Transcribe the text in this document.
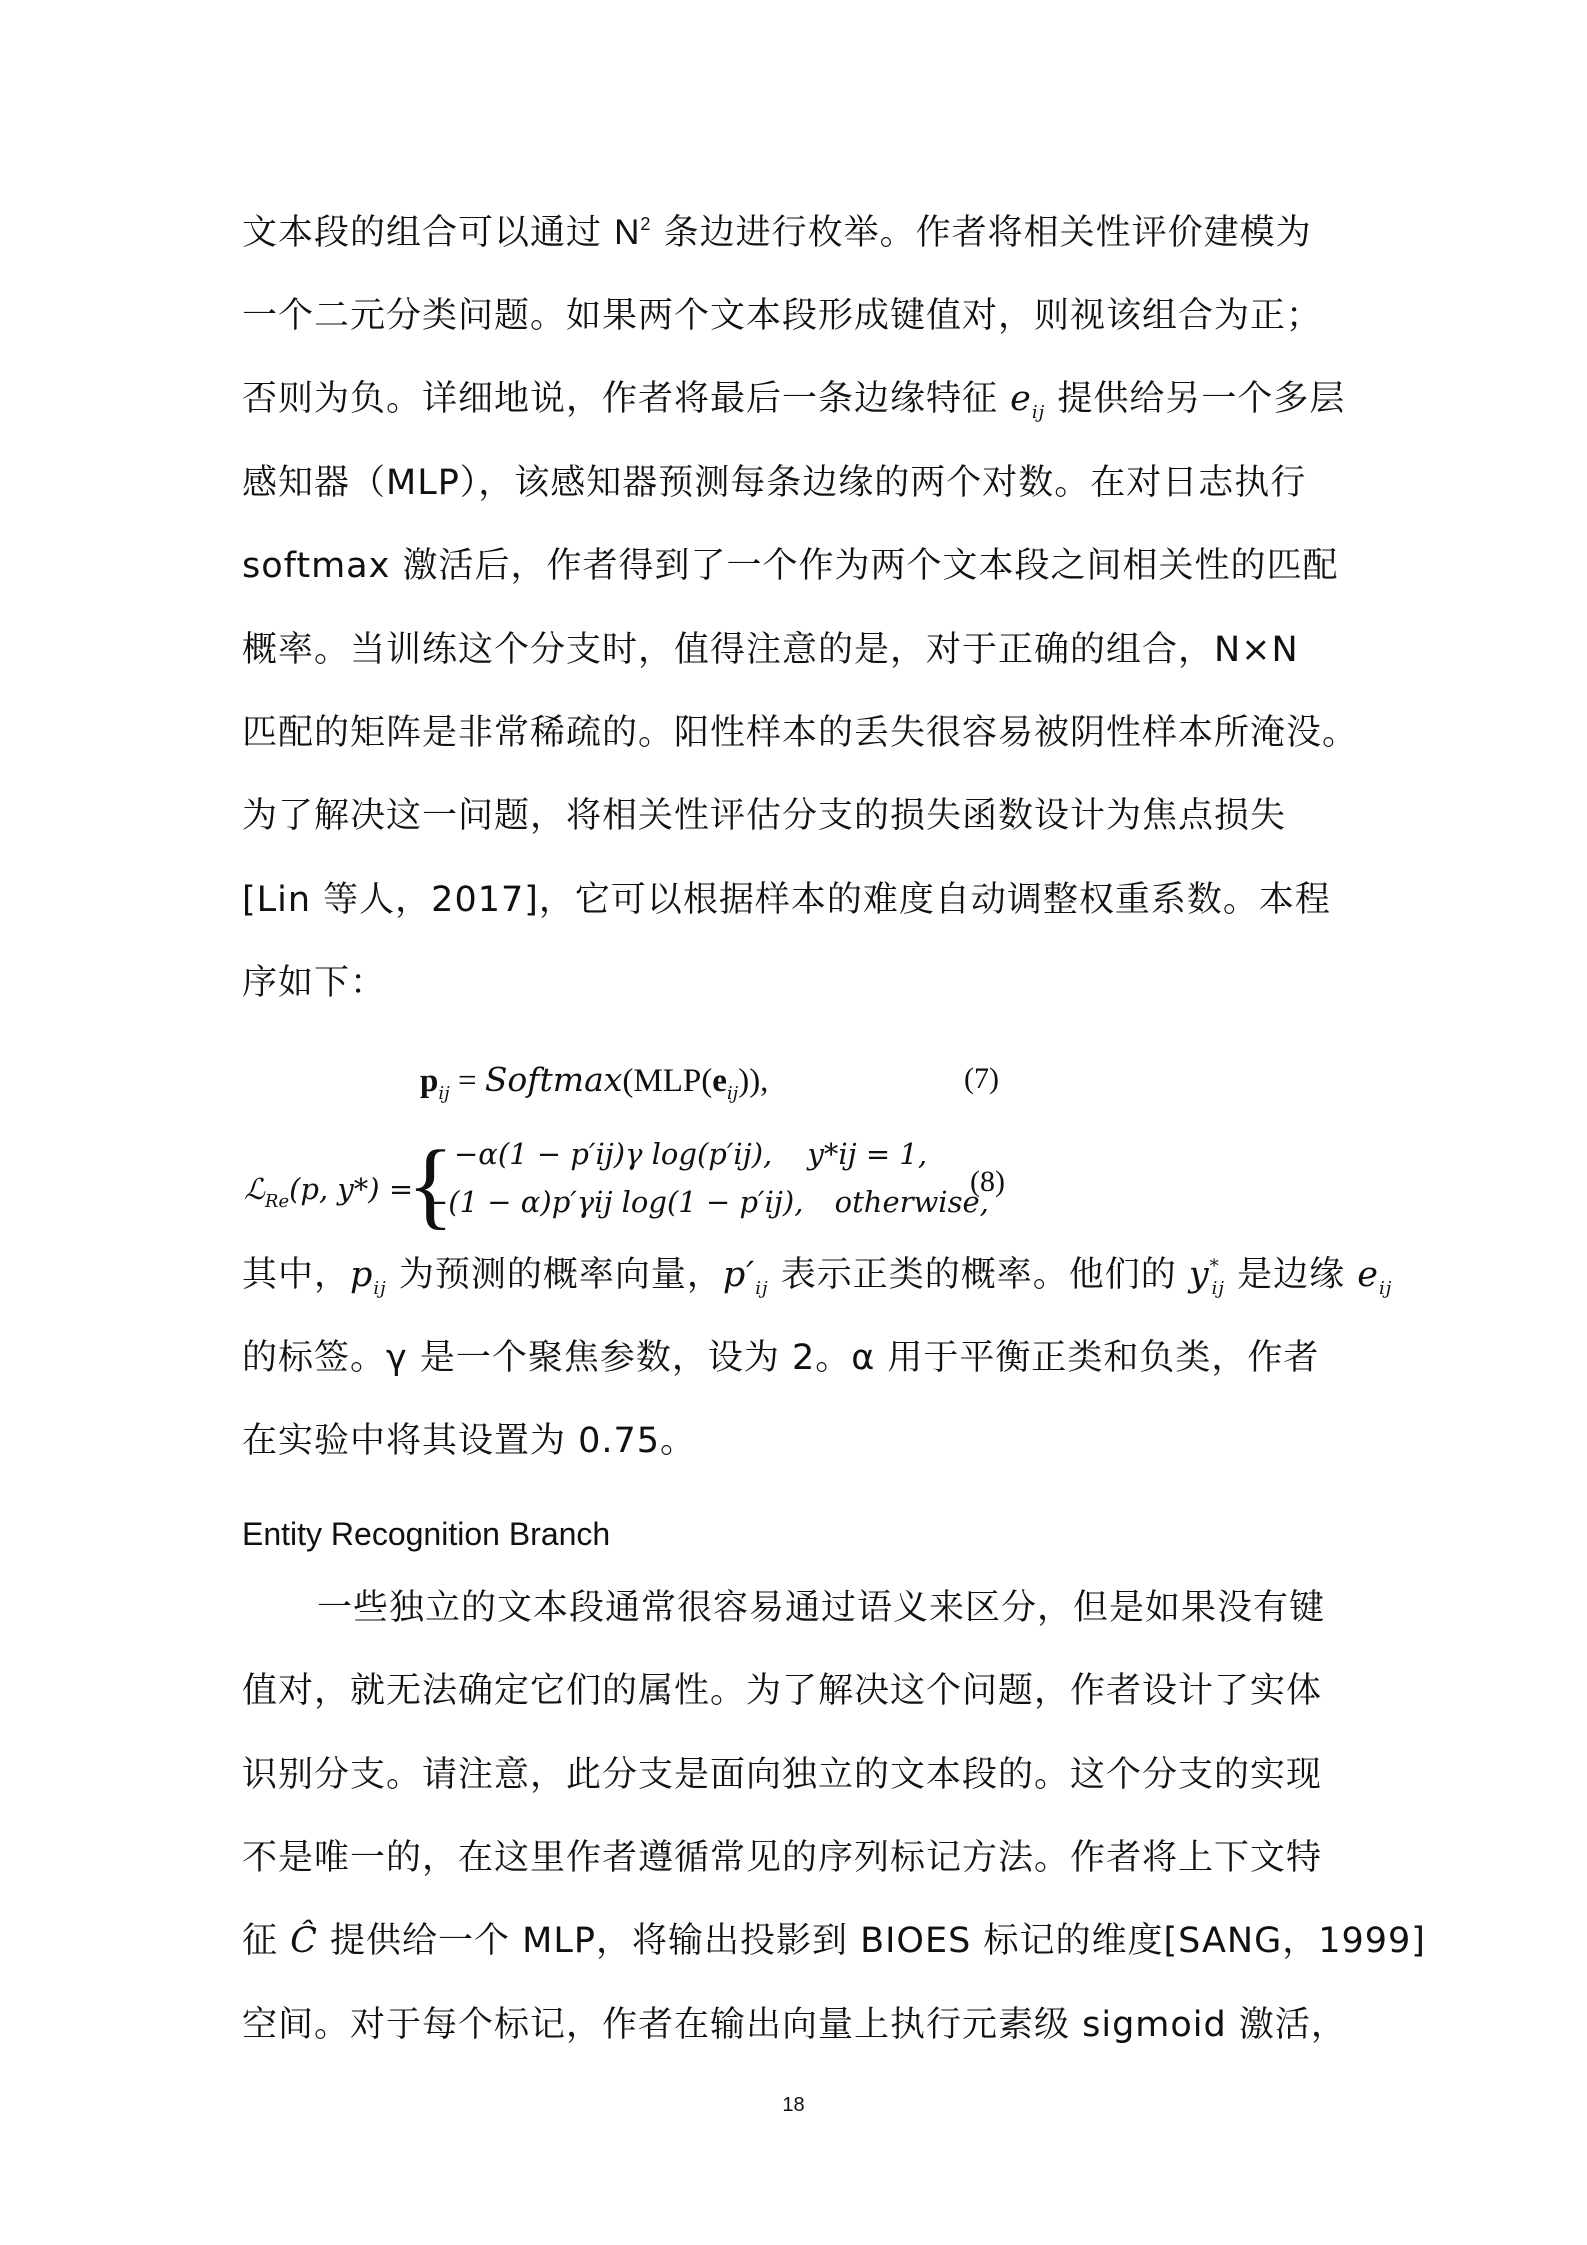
文本段的组合可以通过 $N^2$ 条边进行枚举。作者将相关性评价建模为
一个二元分类问题。如果两个文本段形成键值对，则视该组合为正；
否则为负。详细地说，作者将最后一条边缘特征 $e_{ij}$ 提供给另一个多层
感知器（MLP），该感知器预测每条边缘的两个对数。在对日志执行
softmax 激活后，作者得到了一个作为两个文本段之间相关性的匹配
概率。当训练这个分支时，值得注意的是，对于正确的组合，N×N
匹配的矩阵是非常稀疏的。阳性样本的丢失很容易被阴性样本所淹没。
为了解决这一问题，将相关性评估分支的损失函数设计为焦点损失
[Lin 等人，2017]，它可以根据样本的难度自动调整权重系数。本程
序如下：
$p_{ij}$ = $Softmax(MLP(e_{ij}))$,	(7)
ℒ$_{Re}$(p, y*) =
{ −α(1 − p′ij)γ log(p′ij), y*ij = 1,
−(1 − α)p′γij log(1 − p′ij), otherwise,
(8)
其中，$p_{ij}$ 为预测的概率向量，$p'_{ij}$ 表示正类的概率。他们的 $y^*_{ij}$ 是边缘 $e_{ij}$
的标签。γ 是一个聚焦参数，设为 2。α 用于平衡正类和负类，作者
在实验中将其设置为 0.75。
Entity Recognition Branch
一些独立的文本段通常很容易通过语义来区分，但是如果没有键
值对，就无法确定它们的属性。为了解决这个问题，作者设计了实体
识别分支。请注意，此分支是面向独立的文本段的。这个分支的实现
不是唯一的，在这里作者遵循常见的序列标记方法。作者将上下文特
征 Ĉ 提供给一个 MLP，将输出投影到 BIOES 标记的维度[SANG，1999]
空间。对于每个标记，作者在输出向量上执行元素级 sigmoid 激活，
18
